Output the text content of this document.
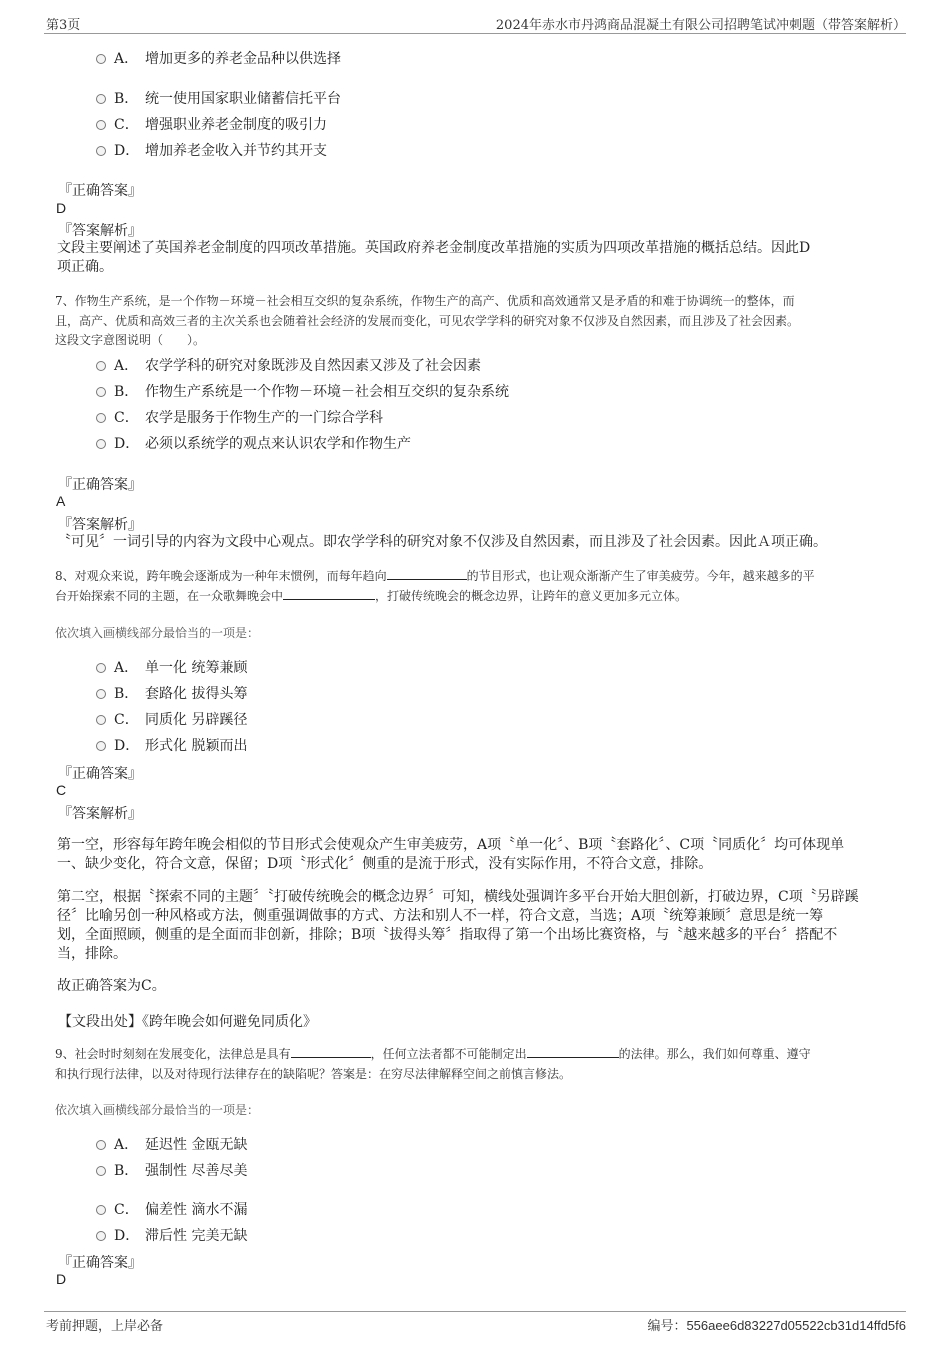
第3页	2024年赤水市丹鸿商品混凝土有限公司招聘笔试冲刺题（带答案解析）
A． 增加更多的养老金品种以供选择
B． 统一使用国家职业储蓄信托平台
C． 增强职业养老金制度的吸引力
D． 增加养老金收入并节约其开支
『正确答案』
D
『答案解析』
文段主要阐述了英国养老金制度的四项改革措施。英国政府养老金制度改革措施的实质为四项改革措施的概括总结。因此D
项正确。
7、作物生产系统，是一个作物－环境－社会相互交织的复杂系统，作物生产的高产、优质和高效通常又是矛盾的和难于协调统一的整体，而
且，高产、优质和高效三者的主次关系也会随着社会经济的发展而变化，可见农学学科的研究对象不仅涉及自然因素，而且涉及了社会因素。
这段文字意图说明（　　）。
A． 农学学科的研究对象既涉及自然因素又涉及了社会因素
B． 作物生产系统是一个作物－环境－社会相互交织的复杂系统
C． 农学是服务于作物生产的一门综合学科
D． 必须以系统学的观点来认识农学和作物生产
『正确答案』
A
『答案解析』
〝可见〞一词引导的内容为文段中心观点。即农学学科的研究对象不仅涉及自然因素，而且涉及了社会因素。因此Ａ项正确。
8、对观众来说，跨年晚会逐渐成为一种年末惯例，而每年趋向	的节目形式，也让观众渐渐产生了审美疲劳。今年，越来越多的平
台开始探索不同的主题，在一众歌舞晚会中	，打破传统晚会的概念边界，让跨年的意义更加多元立体。
依次填入画横线部分最恰当的一项是：
A． 单一化 统筹兼顾
B． 套路化 拔得头筹
C． 同质化 另辟蹊径
D． 形式化 脱颖而出
『正确答案』
C
『答案解析』
第一空，形容每年跨年晚会相似的节目形式会使观众产生审美疲劳，A项〝单一化〞、B项〝套路化〞、C项〝同质化〞均可体现单
一、缺少变化，符合文意，保留；D项〝形式化〞侧重的是流于形式，没有实际作用，不符合文意，排除。
第二空，根据〝探索不同的主题〞〝打破传统晚会的概念边界〞可知，横线处强调许多平台开始大胆创新，打破边界，C项〝另辟蹊
径〞比喻另创一种风格或方法，侧重强调做事的方式、方法和别人不一样，符合文意，当选；A项〝统筹兼顾〞意思是统一筹
划，全面照顾，侧重的是全面而非创新，排除；B项〝拔得头筹〞指取得了第一个出场比赛资格，与〝越来越多的平台〞搭配不
当，排除。
故正确答案为C。
【文段出处】《跨年晚会如何避免同质化》
9、社会时时刻刻在发展变化，法律总是具有	，任何立法者都不可能制定出	的法律。那么，我们如何尊重、遵守
和执行现行法律，以及对待现行法律存在的缺陷呢？答案是：在穷尽法律解释空间之前慎言修法。
依次填入画横线部分最恰当的一项是：
A． 延迟性 金瓯无缺
B． 强制性 尽善尽美
C． 偏差性 滴水不漏
D． 滞后性 完美无缺
『正确答案』
D
考前押题，上岸必备	编号：556aee6d83227d05522cb31d14ffd5f6
